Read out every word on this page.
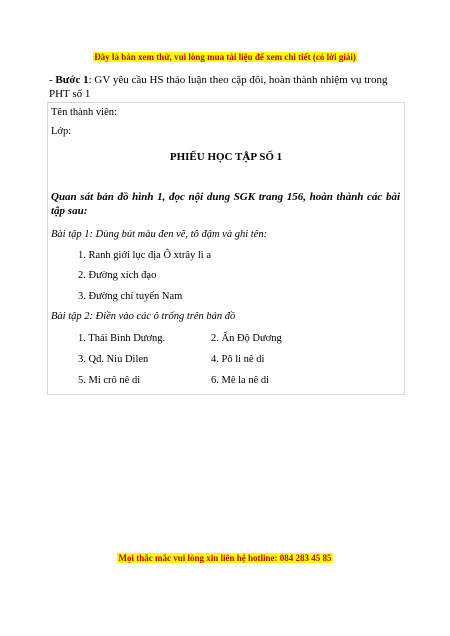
Đây là bản xem thử, vui lòng mua tài liệu để xem chi tiết (có lời giải)
- Bước 1: GV yêu cầu HS thảo luận theo cặp đôi, hoàn thành nhiệm vụ trong PHT số 1
Tên thành viên:
Lớp:
PHIẾU HỌC TẬP SỐ 1
Quan sát bản đồ hình 1, đọc nội dung SGK trang 156, hoàn thành các bài tập sau:
Bài tập 1: Dùng bút màu đen vẽ, tô đậm và ghi tên:
1. Ranh giới lục địa Ô xtrây li a
2. Đường xích đạo
3. Đường chí tuyến Nam
Bài tập 2: Điền vào các ô trống trên bản đồ
1. Thái Bình Dương.	2. Ấn Độ Dương
3. Qđ. Niu Dilen	4. Pô li nê di
5. Mi crô nê di	6. Mê la nê di
Mọi thắc mắc vui lòng xin liên hệ hotline: 084 283 45 85
